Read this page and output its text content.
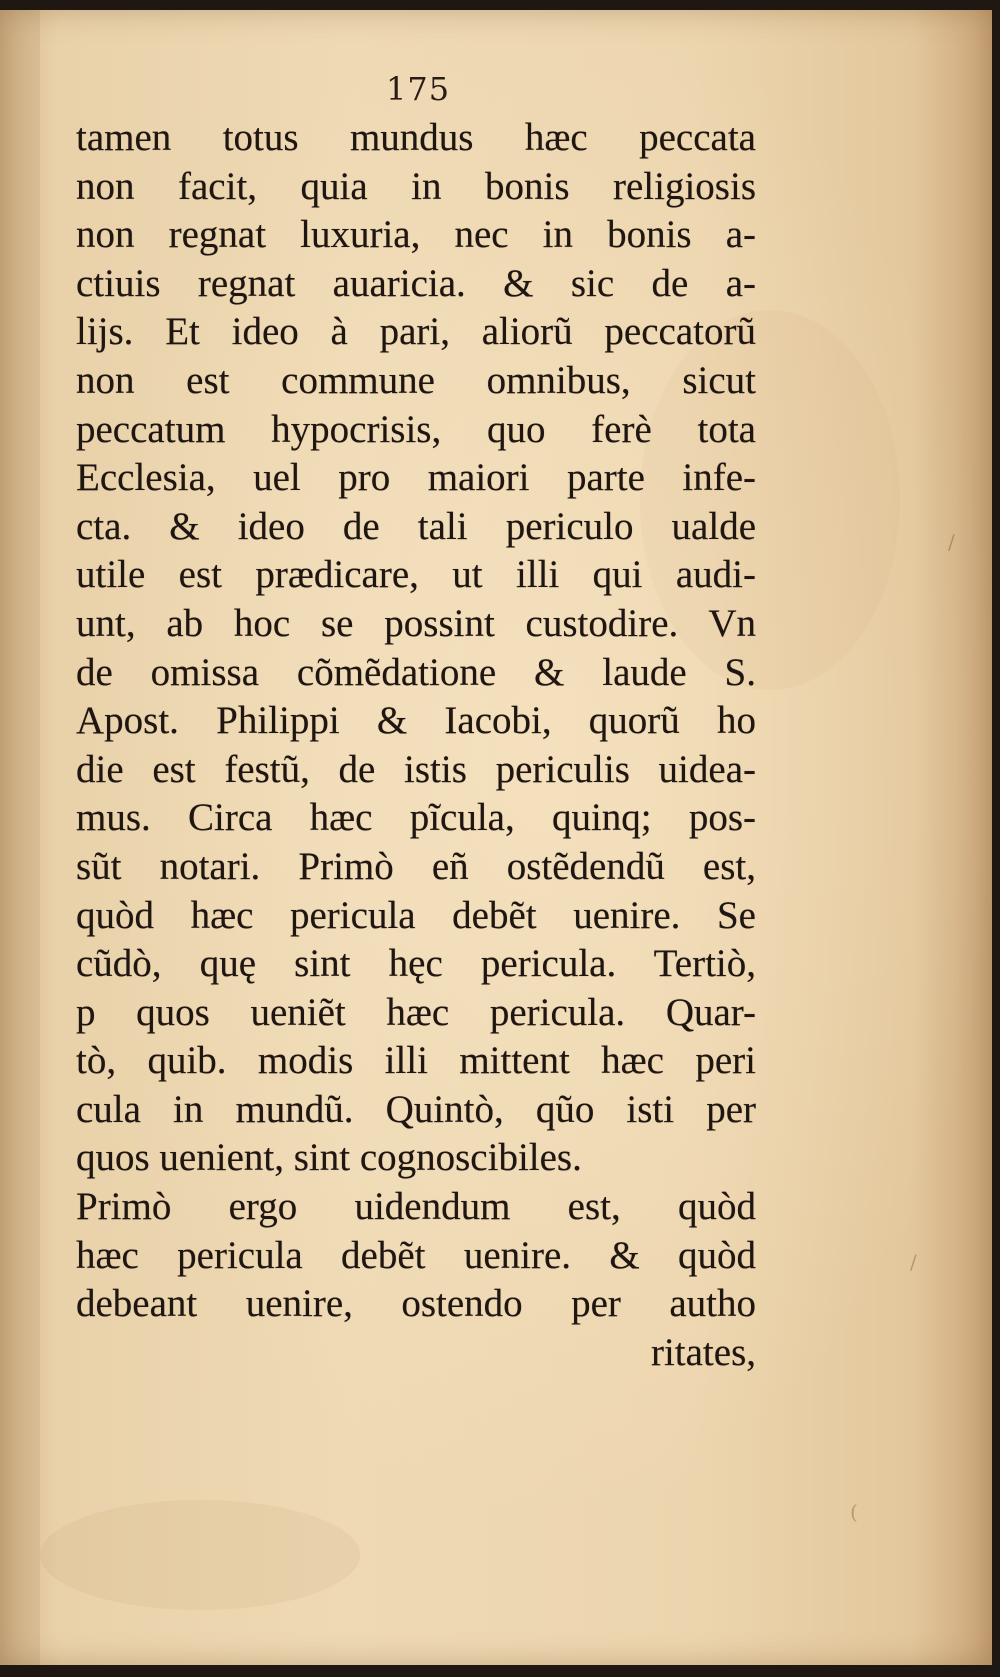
175
tamen totus mundus hæc peccata
non facit, quia in bonis religiosis
non regnat luxuria, nec in bonis a-
ctiuis regnat auaricia. & sic de a-
lijs. Et ideo à pari, aliorũ peccatorũ
non est commune omnibus, sicut
peccatum hypocrisis, quo ferè tota
Ecclesia, uel pro maiori parte infe-
cta. & ideo de tali periculo ualde
utile est prædicare, ut illi qui audi-
unt, ab hoc se possint custodire. Vn
de omissa cõmẽdatione & laude S.
Apost. Philippi & Iacobi, quorũ ho
die est festũ, de istis periculis uidea-
mus. Circa hæc pĩcula, quinq; pos-
sũt notari. Primò eñ ostẽdendũ est,
quòd hæc pericula debẽt uenire. Se
cũdò, quę sint hęc pericula. Tertiò,
p quos ueniẽt hæc pericula. Quar-
tò, quib. modis illi mittent hæc peri
cula in mundũ. Quintò, qũo isti per
quos uenient, sint cognoscibiles.
Primò ergo uidendum est, quòd
hæc pericula debẽt uenire. & quòd
debeant uenire, ostendo per autho
ritates,
/
/
(
